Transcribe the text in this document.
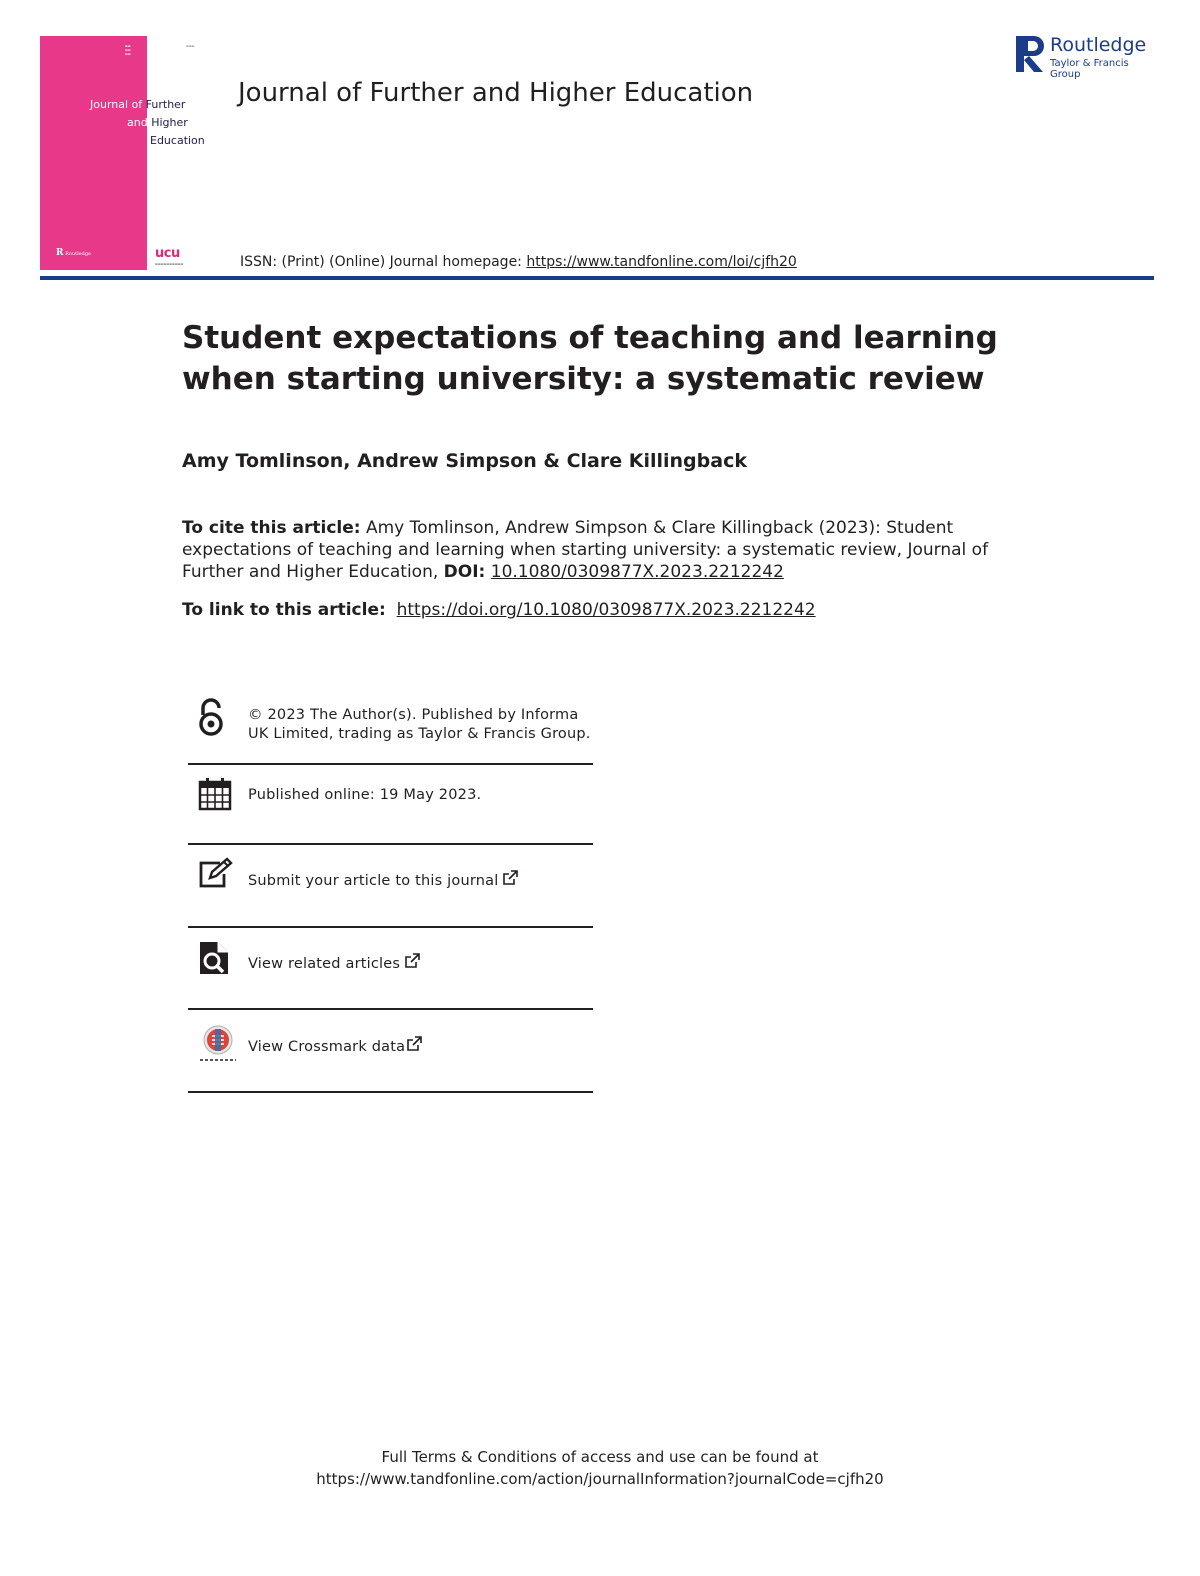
▬▬
▬▬
▬▬
▬▬▬
Journal of Further
and Higher
Education
R Routledge	ucu
▬▬▬▬▬▬▬▬▬▬
Journal of Further and Higher Education
ISSN: (Print) (Online) Journal homepage: https://www.tandfonline.com/loi/cjfh20
Routledge
Taylor & Francis Group
Student expectations of teaching and learning when starting university: a systematic review
Amy Tomlinson, Andrew Simpson & Clare Killingback
To cite this article: Amy Tomlinson, Andrew Simpson & Clare Killingback (2023): Student expectations of teaching and learning when starting university: a systematic review, Journal of Further and Higher Education, DOI: 10.1080/0309877X.2023.2212242
To link to this article: https://doi.org/10.1080/0309877X.2023.2212242
© 2023 The Author(s). Published by Informa UK Limited, trading as Taylor & Francis Group.
Published online: 19 May 2023.
Submit your article to this journal
View related articles
View Crossmark data
Full Terms & Conditions of access and use can be found at
https://www.tandfonline.com/action/journalInformation?journalCode=cjfh20
